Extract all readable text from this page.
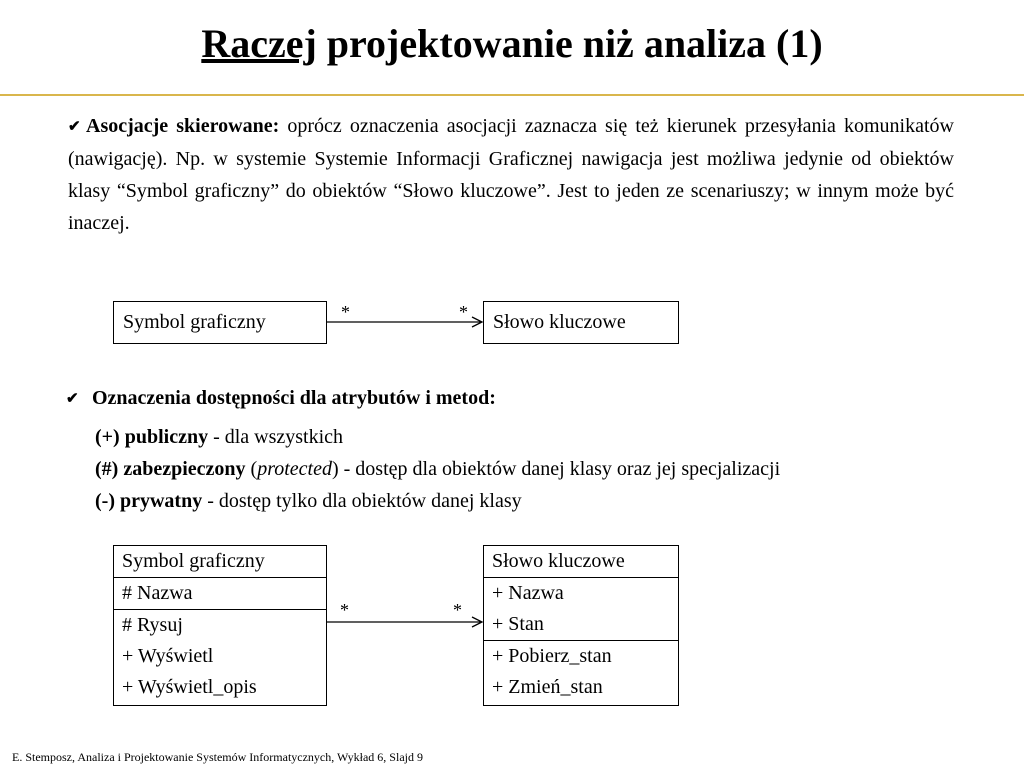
Raczej projektowanie niż analiza (1)
✔ Asocjacje skierowane: oprócz oznaczenia asocjacji zaznacza się też kierunek przesyłania komunikatów (nawigację). Np. w systemie Systemie Informacji Graficznej nawigacja jest możliwa jedynie od obiektów klasy “Symbol graficzny” do obiektów “Słowo kluczowe”. Jest to jeden ze scenariuszy; w innym może być inaczej.
Symbol graficzny	Słowo kluczowe
*	*
✔ Oznaczenia dostępności dla atrybutów i metod:
(+) publiczny - dla wszystkich
(#) zabezpieczony (protected) - dostęp dla obiektów danej klasy oraz jej specjalizacji
(-) prywatny - dostęp tylko dla obiektów danej klasy
Symbol graficzny
# Nazwa
# Rysuj
+ Wyświetl
+ Wyświetl_opis
Słowo kluczowe
+ Nazwa
+ Stan
+ Pobierz_stan
+ Zmień_stan
*	*
E. Stemposz, Analiza i Projektowanie Systemów Informatycznych, Wykład 6, Slajd 9
